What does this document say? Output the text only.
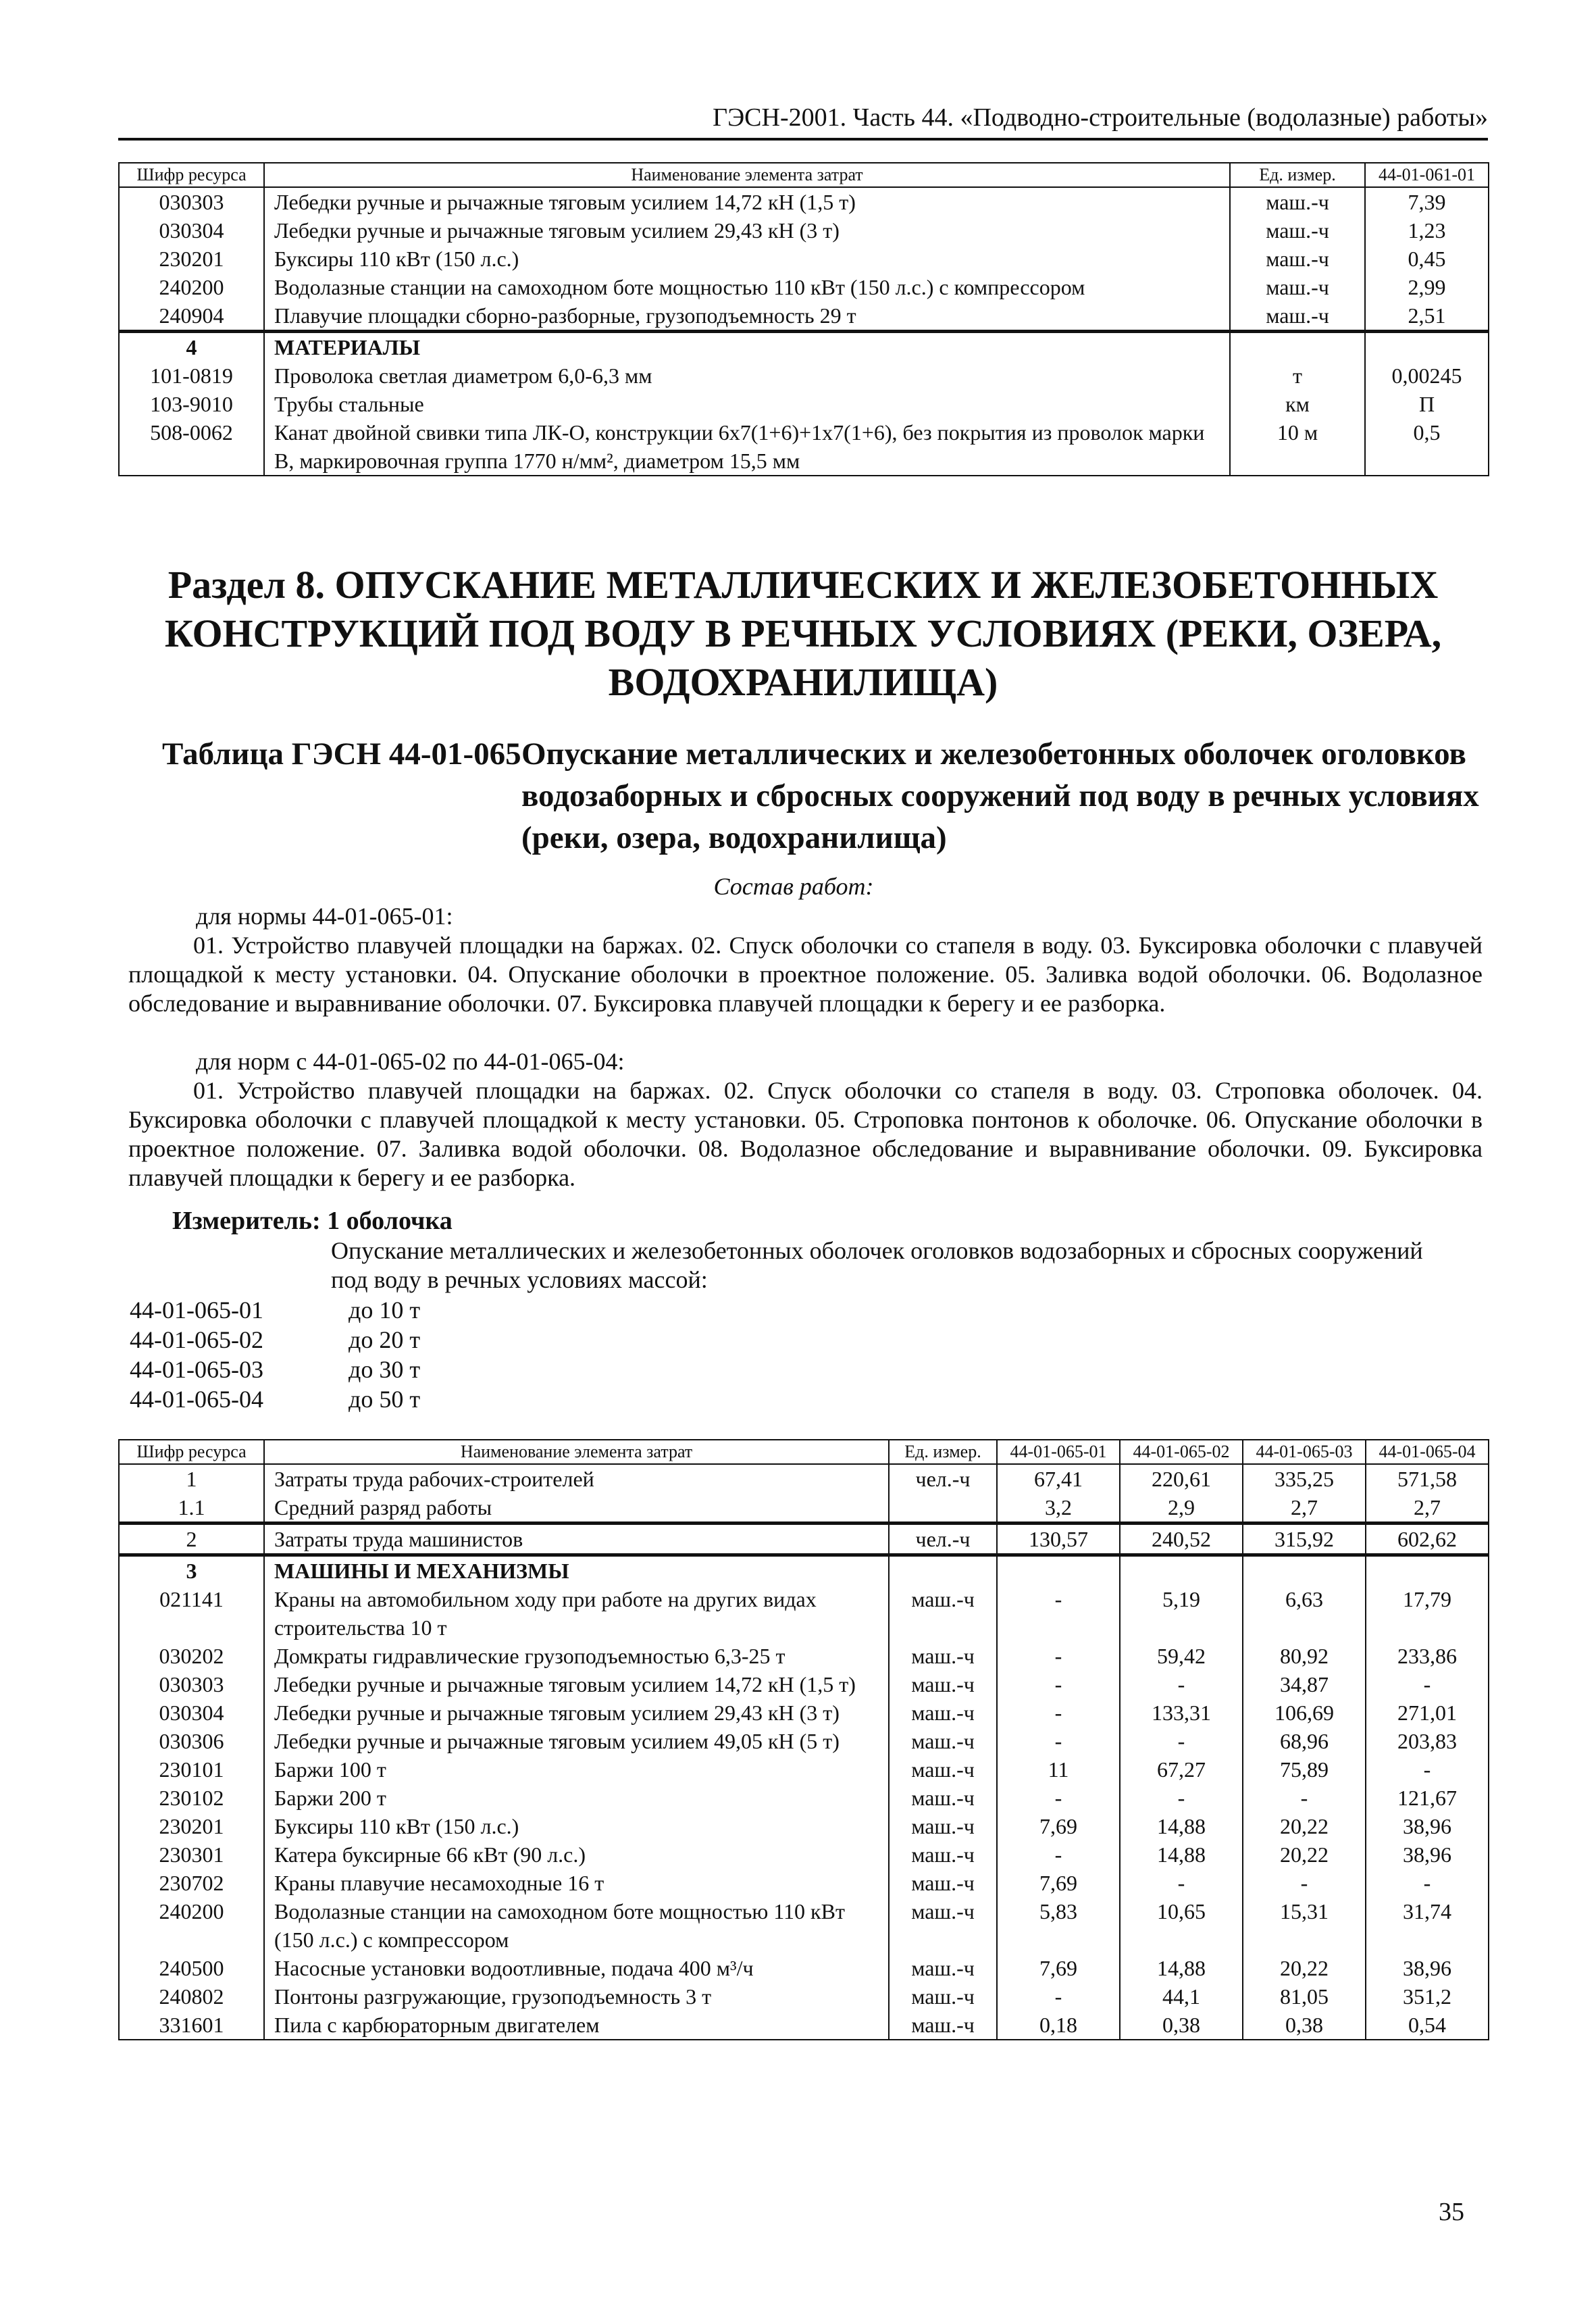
ГЭСН-2001. Часть 44. «Подводно-строительные (водолазные) работы»
Шифр ресурса	Наименование элемента затрат	Ед. измер.	44-01-061-01
030303	Лебедки ручные и рычажные тяговым усилием 14,72 кН (1,5 т)	маш.-ч	7,39
030304	Лебедки ручные и рычажные тяговым усилием 29,43 кН (3 т)	маш.-ч	1,23
230201	Буксиры 110 кВт (150 л.с.)	маш.-ч	0,45
240200	Водолазные станции на самоходном боте мощностью 110 кВт (150 л.с.) с компрессором	маш.-ч	2,99
240904	Плавучие площадки сборно-разборные, грузоподъемность 29 т	маш.-ч	2,51
4	МАТЕРИАЛЫ		
101-0819	Проволока светлая диаметром 6,0-6,3 мм	т	0,00245
103-9010	Трубы стальные	км	П
508-0062	Канат двойной свивки типа ЛК-О, конструкции 6х7(1+6)+1х7(1+6), без покрытия из проволок марки В, маркировочная группа 1770 н/мм², диаметром 15,5 мм	10 м	0,5
Раздел 8. ОПУСКАНИЕ МЕТАЛЛИЧЕСКИХ И ЖЕЛЕЗОБЕТОННЫХ КОНСТРУКЦИЙ ПОД ВОДУ В РЕЧНЫХ УСЛОВИЯХ (РЕКИ, ОЗЕРА, ВОДОХРАНИЛИЩА)
Таблица ГЭСН 44-01-065 Опускание металлических и железобетонных оболочек оголовков водозаборных и сбросных сооружений под воду в речных условиях (реки, озера, водохранилища)
Состав работ:
для нормы 44-01-065-01:
01. Устройство плавучей площадки на баржах. 02. Спуск оболочки со стапеля в воду. 03. Буксировка оболочки с плавучей площадкой к месту установки. 04. Опускание оболочки в проектное положение. 05. Заливка водой оболочки. 06. Водолазное обследование и выравнивание оболочки. 07. Буксировка плавучей площадки к берегу и ее разборка.
для норм с 44-01-065-02 по 44-01-065-04:
01. Устройство плавучей площадки на баржах. 02. Спуск оболочки со стапеля в воду. 03. Строповка оболочек. 04. Буксировка оболочки с плавучей площадкой к месту установки. 05. Строповка понтонов к оболочке. 06. Опускание оболочки в проектное положение. 07. Заливка водой оболочки. 08. Водолазное обследование и выравнивание оболочки. 09. Буксировка плавучей площадки к берегу и ее разборка.
Измеритель: 1 оболочка
Опускание металлических и железобетонных оболочек оголовков водозаборных и сбросных сооружений под воду в речных условиях массой:
44-01-065-01	до 10 т
44-01-065-02	до 20 т
44-01-065-03	до 30 т
44-01-065-04	до 50 т
Шифр ресурса	Наименование элемента затрат	Ед. измер.	44-01-065-01	44-01-065-02	44-01-065-03	44-01-065-04
1	Затраты труда рабочих-строителей	чел.-ч	67,41	220,61	335,25	571,58
1.1	Средний разряд работы		3,2	2,9	2,7	2,7
2	Затраты труда машинистов	чел.-ч	130,57	240,52	315,92	602,62
3	МАШИНЫ И МЕХАНИЗМЫ					
021141	Краны на автомобильном ходу при работе на других видах строительства 10 т	маш.-ч	-	5,19	6,63	17,79
030202	Домкраты гидравлические грузоподъемностью 6,3-25 т	маш.-ч	-	59,42	80,92	233,86
030303	Лебедки ручные и рычажные тяговым усилием 14,72 кН (1,5 т)	маш.-ч	-	-	34,87	-
030304	Лебедки ручные и рычажные тяговым усилием 29,43 кН (3 т)	маш.-ч	-	133,31	106,69	271,01
030306	Лебедки ручные и рычажные тяговым усилием 49,05 кН (5 т)	маш.-ч	-	-	68,96	203,83
230101	Баржи 100 т	маш.-ч	11	67,27	75,89	-
230102	Баржи 200 т	маш.-ч	-	-	-	121,67
230201	Буксиры 110 кВт (150 л.с.)	маш.-ч	7,69	14,88	20,22	38,96
230301	Катера буксирные 66 кВт (90 л.с.)	маш.-ч	-	14,88	20,22	38,96
230702	Краны плавучие несамоходные 16 т	маш.-ч	7,69	-	-	-
240200	Водолазные станции на самоходном боте мощностью 110 кВт (150 л.с.) с компрессором	маш.-ч	5,83	10,65	15,31	31,74
240500	Насосные установки водоотливные, подача 400 м³/ч	маш.-ч	7,69	14,88	20,22	38,96
240802	Понтоны разгружающие, грузоподъемность 3 т	маш.-ч	-	44,1	81,05	351,2
331601	Пила с карбюраторным двигателем	маш.-ч	0,18	0,38	0,38	0,54
35
